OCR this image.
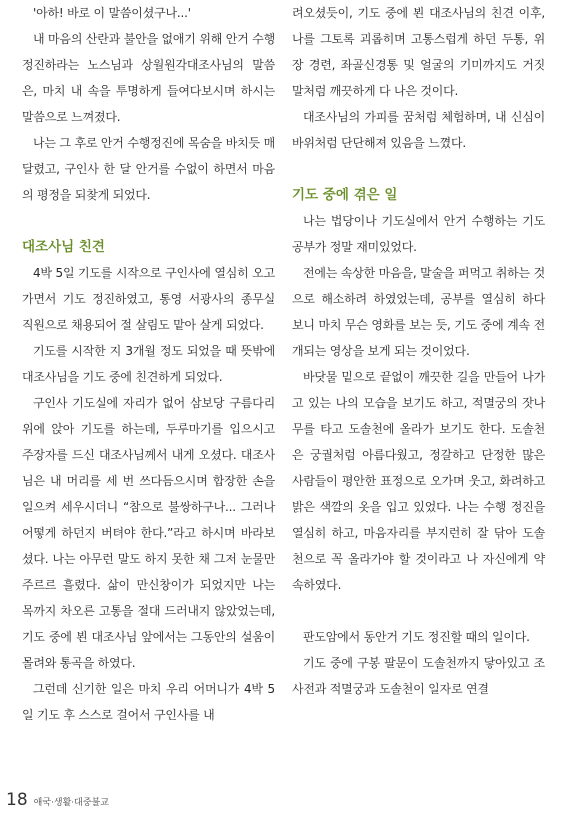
'아하! 바로 이 말씀이셨구나...'

내 마음의 산란과 불안을 없애기 위해 안거 수행 정진하라는 노스님과 상월원각대조사님의 말씀은, 마치 내 속을 투명하게 들여다보시며 하시는 말씀으로 느껴졌다.

나는 그 후로 안거 수행정진에 목숨을 바치듯 매달렸고, 구인사 한 달 안거를 수없이 하면서 마음의 평정을 되찾게 되었다.

대조사님 친견

4박 5일 기도를 시작으로 구인사에 열심히 오고 가면서 기도 정진하였고, 통영 서광사의 종무실 직원으로 채용되어 절 살림도 맡아 살게 되었다.

기도를 시작한 지 3개월 정도 되었을 때 뜻밖에 대조사님을 기도 중에 친견하게 되었다.

구인사 기도실에 자리가 없어 삼보당 구름다리 위에 앉아 기도를 하는데, 두루마기를 입으시고 주장자를 드신 대조사님께서 내게 오셨다. 대조사님은 내 머리를 세 번 쓰다듬으시며 합장한 손을 일으켜 세우시더니 “참으로 불쌍하구나... 그러나 어떻게 하던지 버텨야 한다.”라고 하시며 바라보셨다. 나는 아무런 말도 하지 못한 채 그저 눈물만 주르르 흘렸다. 삶이 만신창이가 되었지만 나는 목까지 차오른 고통을 절대 드러내지 않았었는데, 기도 중에 뵌 대조사님 앞에서는 그동안의 설움이 몰려와 통곡을 하였다.

그런데 신기한 일은 마치 우리 어머니가 4박 5일 기도 후 스스로 걸어서 구인사를 내

려오셨듯이, 기도 중에 뵌 대조사님의 친견 이후, 나를 그토록 괴롭히며 고통스럽게 하던 두통, 위장 경련, 좌골신경통 및 얼굴의 기미까지도 거짓말처럼 깨끗하게 다 나은 것이다.

대조사님의 가피를 꿈처럼 체험하며, 내 신심이 바위처럼 단단해져 있음을 느꼈다.

기도 중에 겪은 일

나는 법당이나 기도실에서 안거 수행하는 기도 공부가 정말 재미있었다.

전에는 속상한 마음을, 말술을 퍼먹고 취하는 것으로 해소하려 하였었는데, 공부를 열심히 하다 보니 마치 무슨 영화를 보는 듯, 기도 중에 계속 전개되는 영상을 보게 되는 것이었다.

바닷물 밑으로 끝없이 깨끗한 길을 만들어 나가고 있는 나의 모습을 보기도 하고, 적멸궁의 잣나무를 타고 도솔천에 올라가 보기도 한다. 도솔천은 궁궐처럼 아름다웠고, 정갈하고 단정한 많은 사람들이 평안한 표정으로 오가며 웃고, 화려하고 밝은 색깔의 옷을 입고 있었다. 나는 수행 정진을 열심히 하고, 마음자리를 부지런히 잘 닦아 도솔천으로 꼭 올라가야 할 것이라고 나 자신에게 약속하였다.

판도암에서 동안거 기도 정진할 때의 일이다.

기도 중에 구봉 팔문이 도솔천까지 닿아있고 조사전과 적멸궁과 도솔천이 일자로 연결

18 애국·생활·대중불교
